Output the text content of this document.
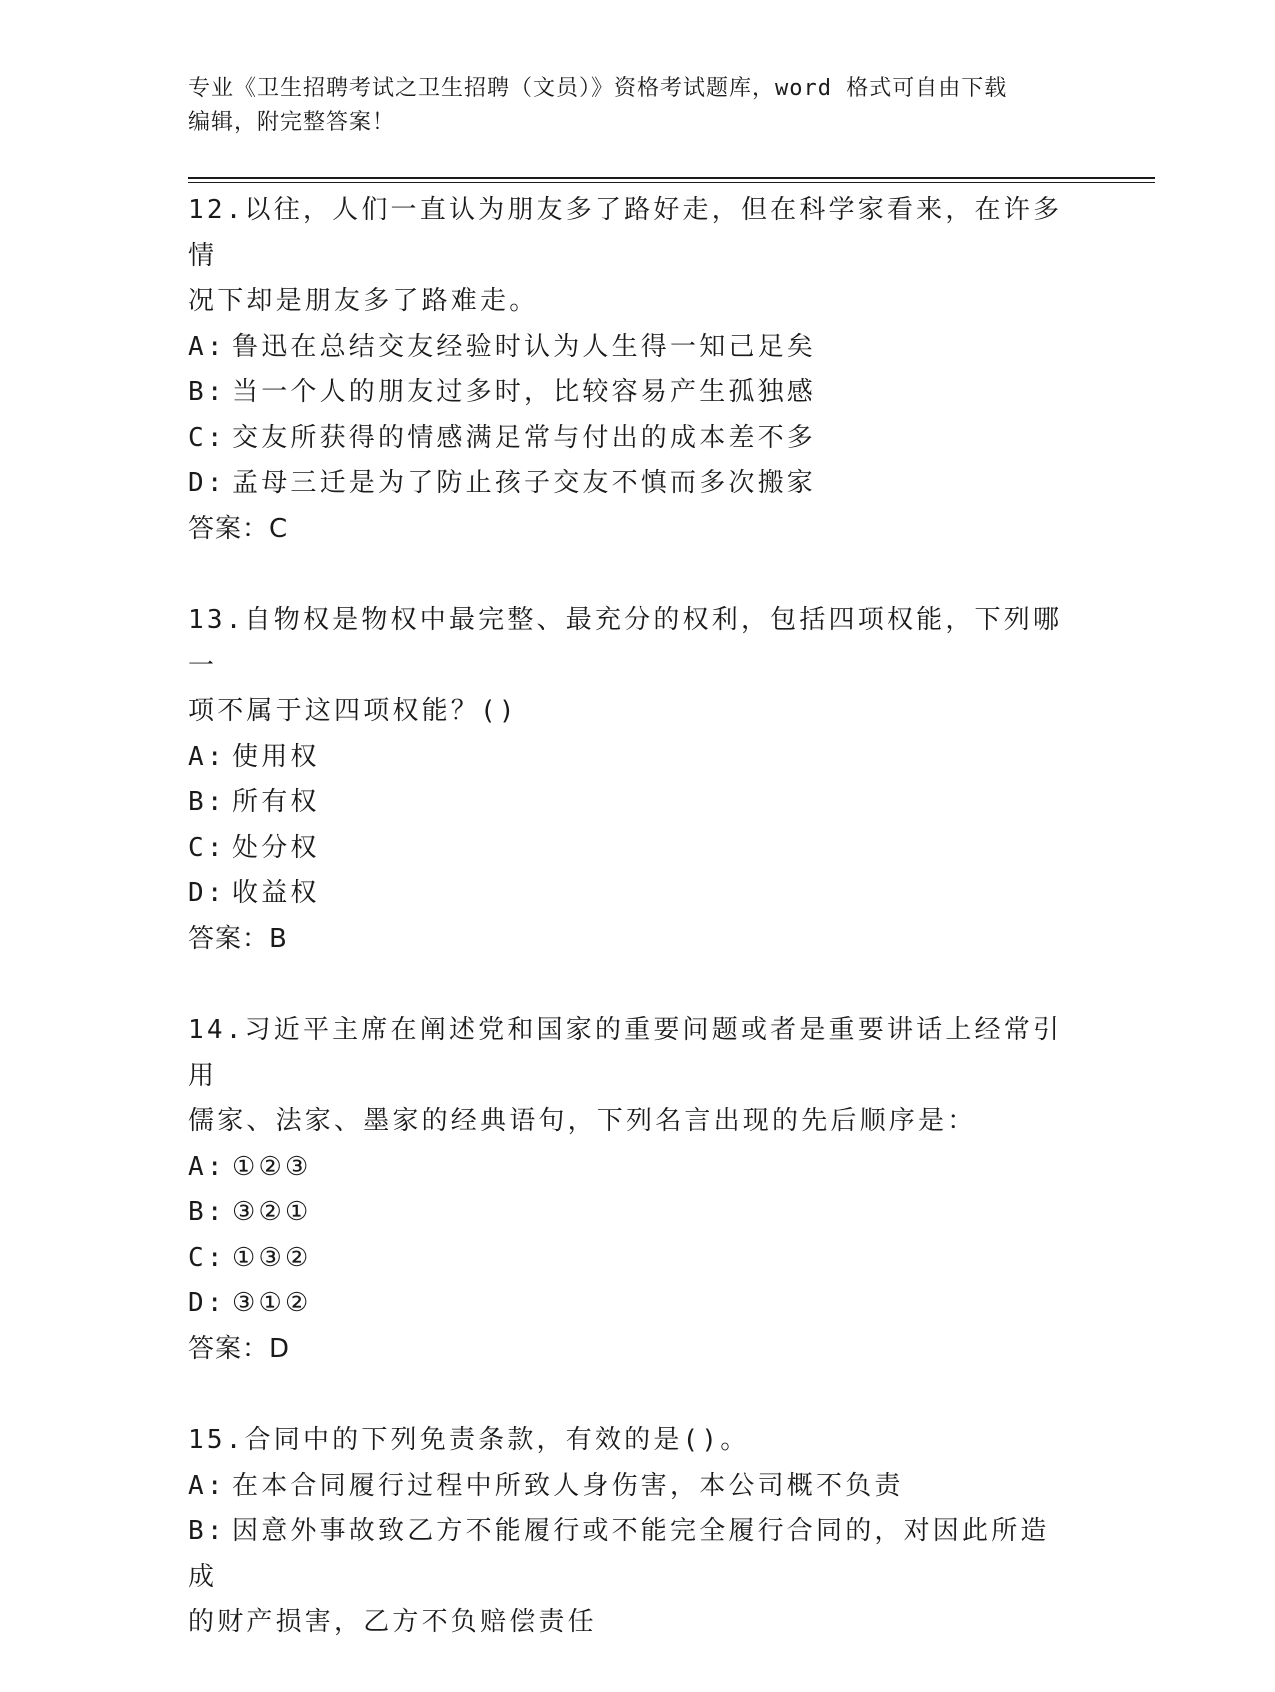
专业《卫生招聘考试之卫生招聘（文员）》资格考试题库，word 格式可自由下载
编辑，附完整答案！
12.以往，人们一直认为朋友多了路好走，但在科学家看来，在许多情
况下却是朋友多了路难走。
A: 鲁迅在总结交友经验时认为人生得一知己足矣
B: 当一个人的朋友过多时，比较容易产生孤独感
C: 交友所获得的情感满足常与付出的成本差不多
D: 孟母三迁是为了防止孩子交友不慎而多次搬家
答案：C
13.自物权是物权中最完整、最充分的权利，包括四项权能，下列哪一
项不属于这四项权能？()
A: 使用权
B: 所有权
C: 处分权
D: 收益权
答案：B
14.习近平主席在阐述党和国家的重要问题或者是重要讲话上经常引用
儒家、法家、墨家的经典语句，下列名言出现的先后顺序是：
A: ①②③
B: ③②①
C: ①③②
D: ③①②
答案：D
15.合同中的下列免责条款，有效的是()。
A: 在本合同履行过程中所致人身伤害，本公司概不负责
B: 因意外事故致乙方不能履行或不能完全履行合同的，对因此所造成
的财产损害，乙方不负赔偿责任
